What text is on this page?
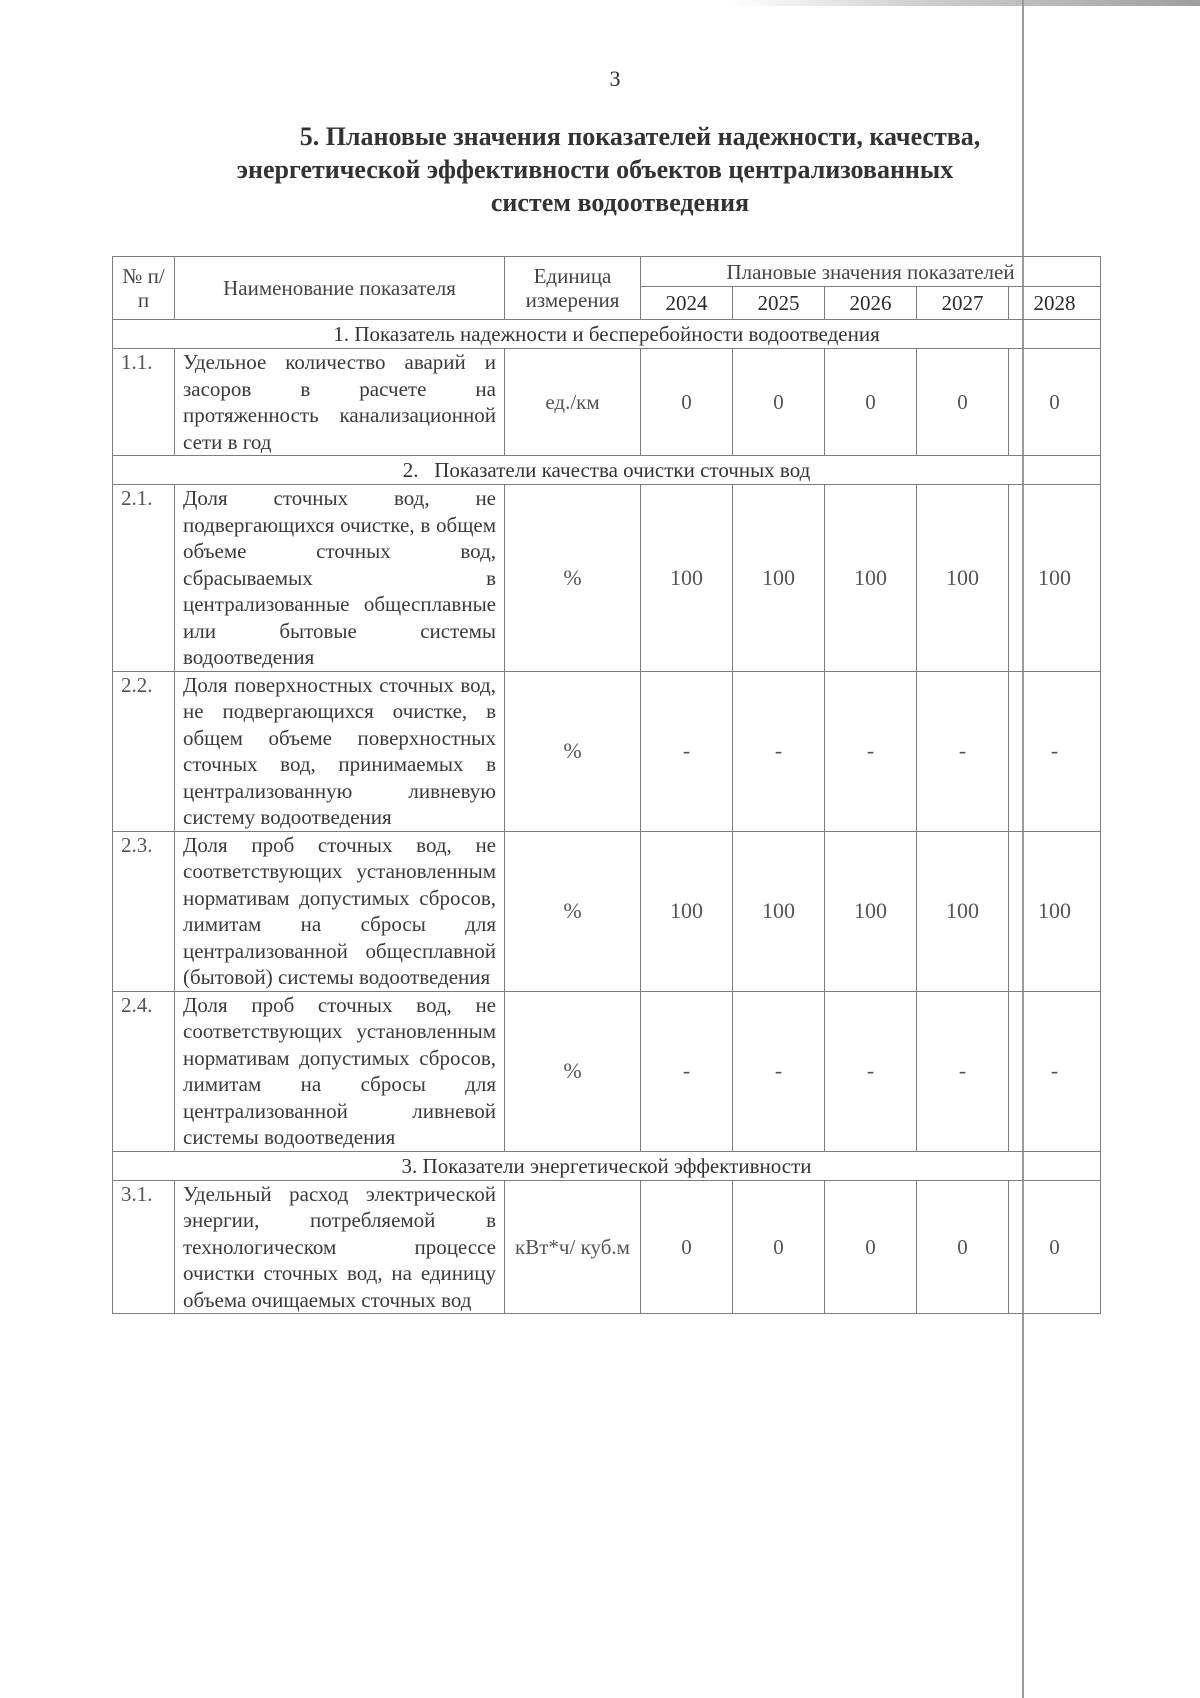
3
5. Плановые значения показателей надежности, качества,
энергетической эффективности объектов централизованных
систем водоотведения
№ п/п	Наименование показателя	Единица измерения	Плановые значения показателей				
			2024	2025	2026	2027	2028
1. Показатель надежности и бесперебойности водоотведения							
1.1.	Удельное количество аварий и засоров в расчете на протяженность канализационной сети в год	ед./км	0	0	0	0	0
2.   Показатели качества очистки сточных вод							
2.1.	Доля сточных вод, не подвергающихся очистке, в общем объеме сточных вод, сбрасываемых в централизованные общесплавные или бытовые системы водоотведения	%	100	100	100	100	100
2.2.	Доля поверхностных сточных вод, не подвергающихся очистке, в общем объеме поверхностных сточных вод, принимаемых в централизованную ливневую систему водоотведения	%	-	-	-	-	-
2.3.	Доля проб сточных вод, не соответствующих установленным нормативам допустимых сбросов, лимитам на сбросы для централизованной общесплавной (бытовой) системы водоотведения	%	100	100	100	100	100
2.4.	Доля проб сточных вод, не соответствующих установленным нормативам допустимых сбросов, лимитам на сбросы для централизованной ливневой системы водоотведения	%	-	-	-	-	-
3. Показатели энергетической эффективности							
3.1.	Удельный расход электрической энергии, потребляемой в технологическом процессе очистки сточных вод, на единицу объема очищаемых сточных вод	кВт*ч/ куб.м	0	0	0	0	0
